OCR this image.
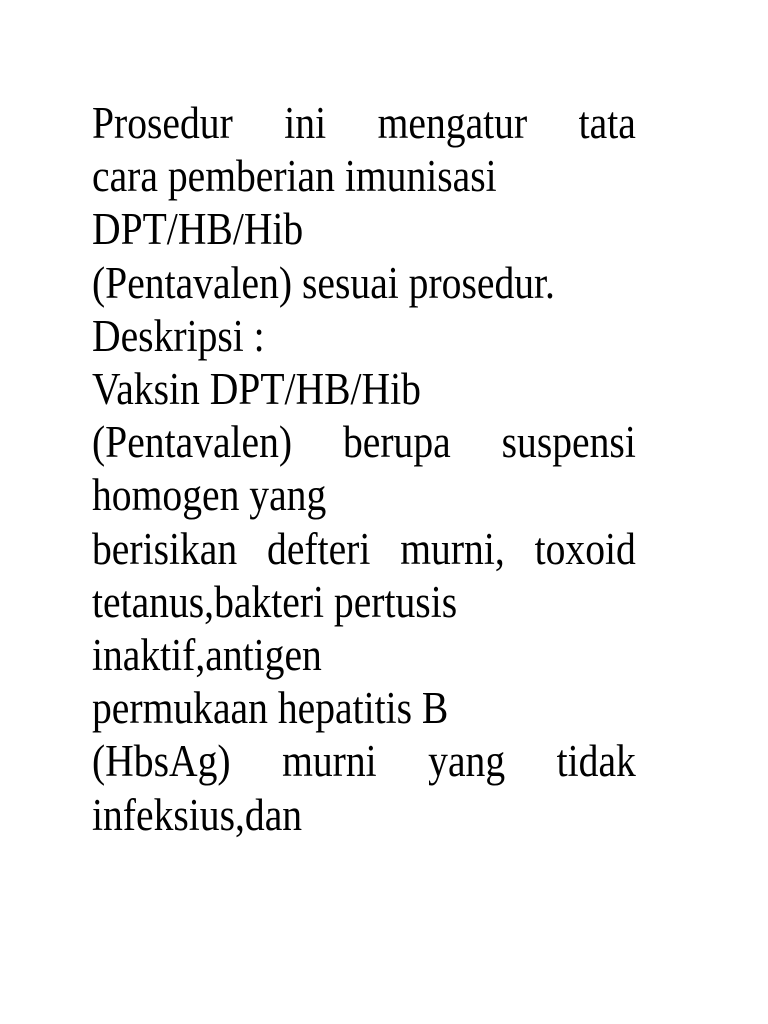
Prosedur ini mengatur tata
cara pemberian imunisasi
DPT/HB/Hib
(Pentavalen) sesuai prosedur.
Deskripsi :
Vaksin DPT/HB/Hib
(Pentavalen) berupa suspensi
homogen yang
berisikan defteri murni, toxoid
tetanus,bakteri pertusis
inaktif,antigen
permukaan hepatitis B
(HbsAg) murni yang tidak
infeksius,dan
